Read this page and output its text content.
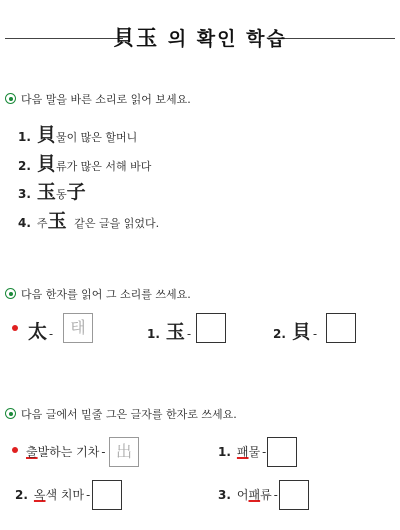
貝玉 의 확인 학습
다음 말을 바른 소리로 읽어 보세요.
1. 貝물이 많은 할머니
2. 貝류가 많은 서해 바다
3. 玉동子
4. 주玉 같은 글을 읽었다.
다음 한자를 읽어 그 소리를 쓰세요.
太 -	태	1. 玉 -	2. 貝 -
다음 글에서 밑줄 그은 글자를 한자로 쓰세요.
출발하는 기차 - 出	1. 패물 -
2. 옥색 치마 -	3. 어패류 -
